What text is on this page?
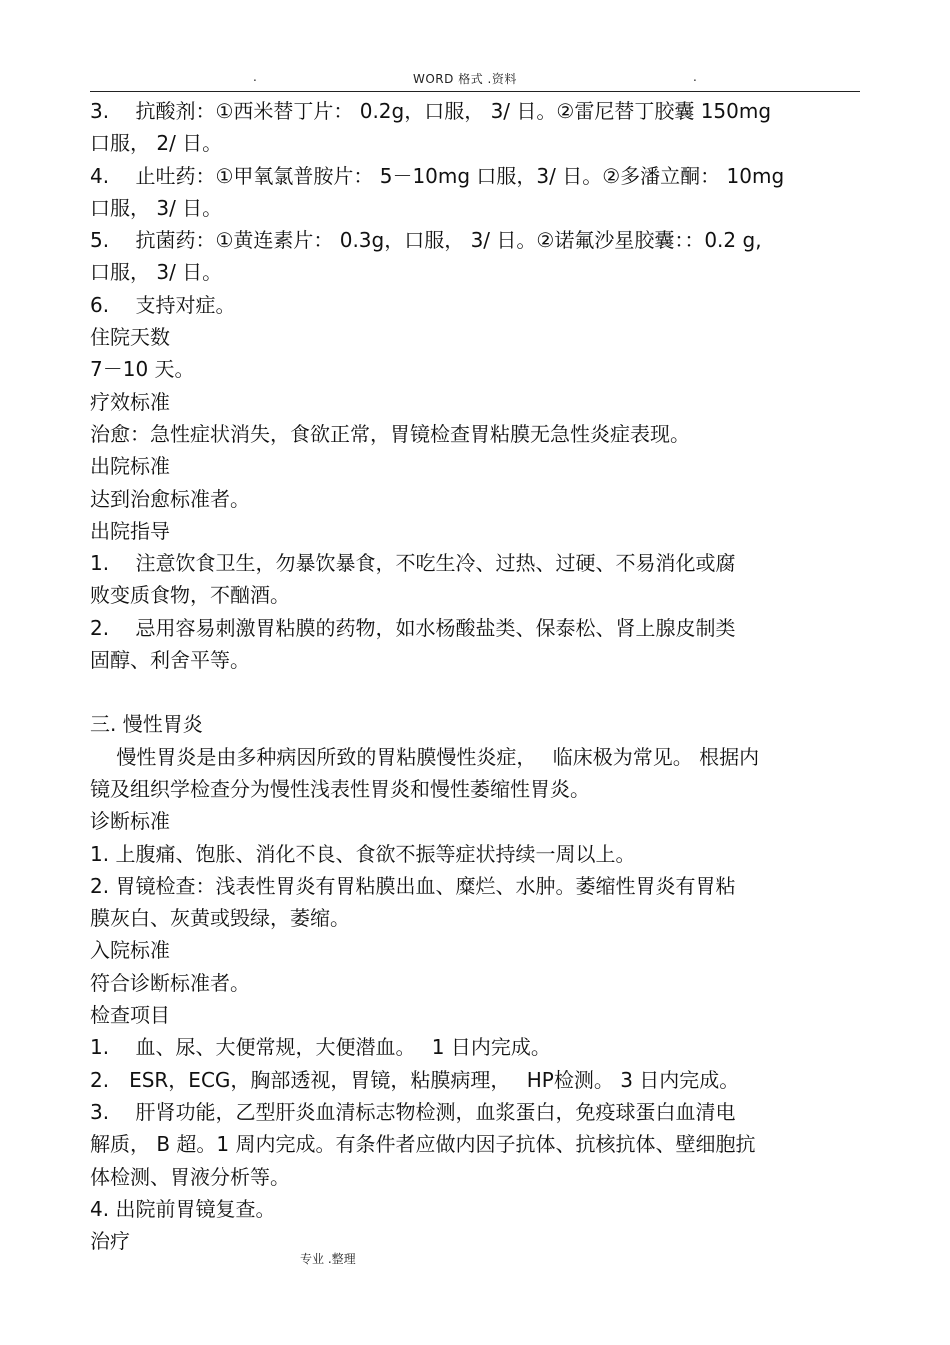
.	WORD 格式 .资料	.
3.　 抗酸剂：①西米替丁片： 0.2g，口服， 3/ 日。②雷尼替丁胶囊 150mg
口服， 2/ 日。
4.　 止吐药：①甲氧氯普胺片： 5－10mg 口服，3/ 日。②多潘立酮： 10mg
口服， 3/ 日。
5.　 抗菌药：①黄连素片： 0.3g，口服， 3/ 日。②诺氟沙星胶囊：：0.2 g,
口服， 3/ 日。
6.　 支持对症。
住院天数
7－10 天。
疗效标准
治愈：急性症状消失，食欲正常，胃镜检查胃粘膜无急性炎症表现。
出院标准
达到治愈标准者。
出院指导
1.　 注意饮食卫生，勿暴饮暴食，不吃生冷、过热、过硬、不易消化或腐
败变质食物，不酗酒。
2.　 忌用容易刺激胃粘膜的药物，如水杨酸盐类、保泰松、肾上腺皮制类
固醇、利舍平等。
三. 慢性胃炎
　 慢性胃炎是由多种病因所致的胃粘膜慢性炎症，　 临床极为常见。 根据内
镜及组织学检查分为慢性浅表性胃炎和慢性萎缩性胃炎。
诊断标准
1. 上腹痛、饱胀、消化不良、食欲不振等症状持续一周以上。
2. 胃镜检查：浅表性胃炎有胃粘膜出血、糜烂、水肿。萎缩性胃炎有胃粘
膜灰白、灰黄或毁绿，萎缩。
入院标准
符合诊断标准者。
检查项目
1.　 血、尿、大便常规，大便潜血。　 1 日内完成。
2.　ESR，ECG，胸部透视，胃镜，粘膜病理，　 HP检测。 3 日内完成。
3.　 肝肾功能，乙型肝炎血清标志物检测，血浆蛋白，免疫球蛋白血清电
解质， B 超。1 周内完成。有条件者应做内因子抗体、抗核抗体、壁细胞抗
体检测、胃液分析等。
4. 出院前胃镜复查。
治疗
专业 .整理
